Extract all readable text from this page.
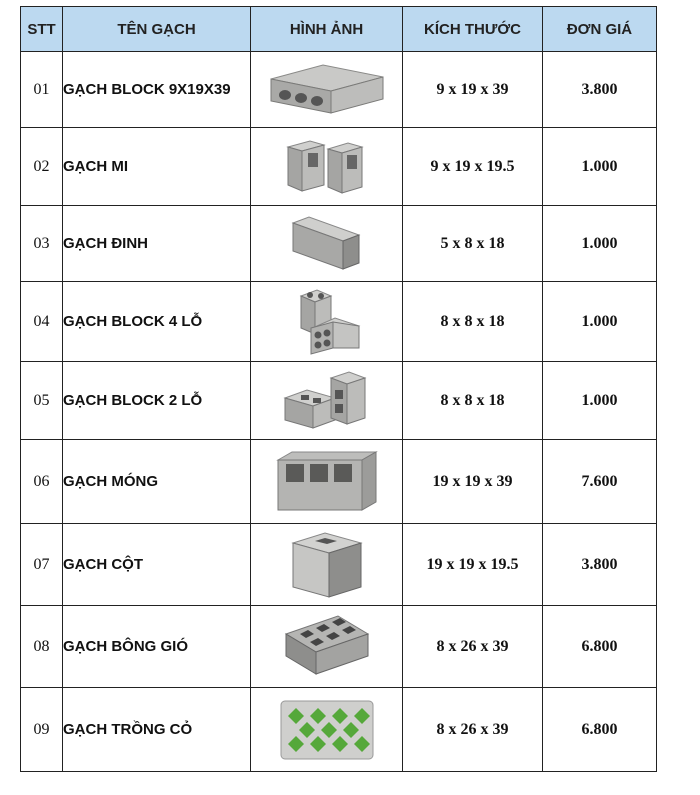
STT	TÊN GẠCH	HÌNH ẢNH	KÍCH THƯỚC	ĐƠN GIÁ
01	GẠCH BLOCK 9X19X39		9 x 19 x 39	3.800
02	GẠCH MI		9 x 19 x 19.5	1.000
03	GẠCH ĐINH		5 x 8 x 18	1.000
04	GẠCH BLOCK 4 LỖ		8 x 8 x 18	1.000
05	GẠCH BLOCK 2 LỖ		8 x 8 x 18	1.000
06	GẠCH MÓNG		19 x 19 x 39	7.600
07	GẠCH CỘT		19 x 19 x 19.5	3.800
08	GẠCH BÔNG GIÓ		8 x 26 x 39	6.800
09	GẠCH TRỒNG CỎ		8 x 26 x 39	6.800
